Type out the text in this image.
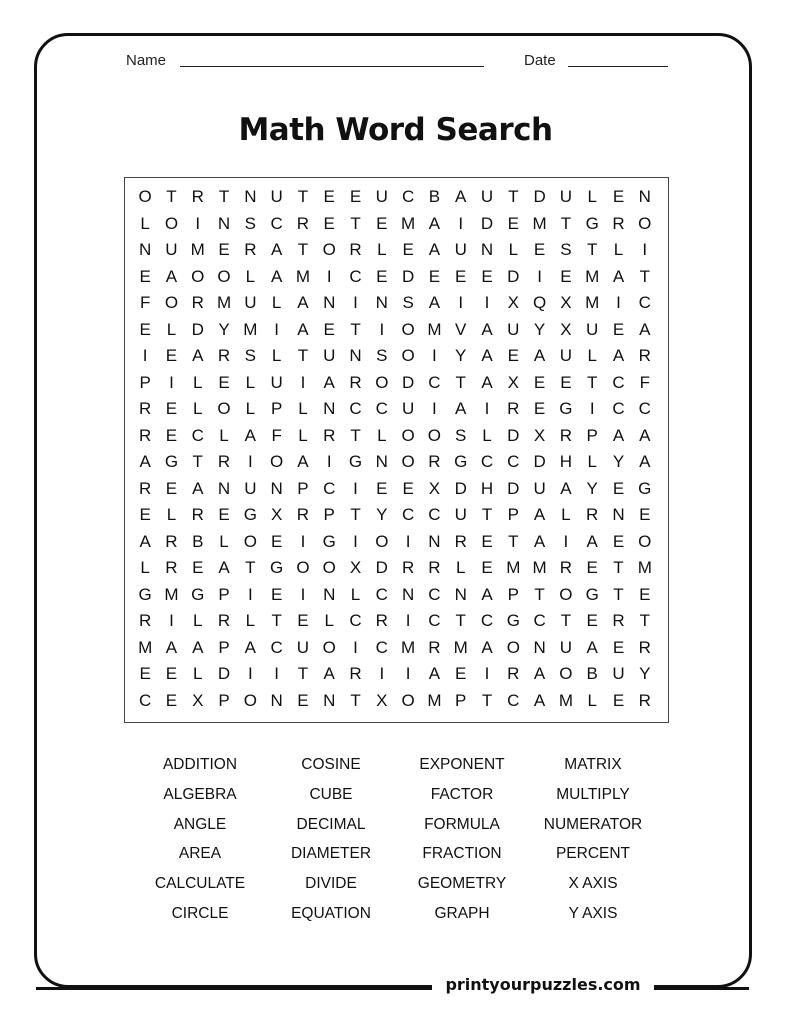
Name	Date
Math Word Search
O T R T N U T E E U C B A U T D U L E N
L O	I	N S C R E T E M A	I	D E M T G R O
N U M E R A T O R L E A U N L E S T L	I
E A O O L A M I	C E D E E E D	I	E M A T
F O R M U L A N	I	N S A	I	I	X Q X M I	C
E L D Y M I	A E T	I	O M V A U Y X U E A
I	E A R S L T U N S O	I	Y A E A U L A R
P	I	L E L U	I	A R O D C T A X E E T C F
R E L O L P L N C C U	I	A	I	R E G	I	C C
R E C L A F L R T L O O S L D X R P A A
A G T R	I	O A	I	G N O R G C C D H L Y A
R E A N U N P C	I	E E X D H D U A Y E G
E L R E G X R P T Y C C U T P A L R N E
A R B L O E	I	G	I	O	I	N R E T A	I	A E O
L R E A T G O O X D R R L E M M R E T M
G M G P	I	E	I	N L C N C N A P T O G T E
R	I	L R L T E L C R	I	C T C G C T E R T
M A A P A C U O	I	C M R M A O N U A E R
E E L D	I	I	T A R	I	I	A E	I	R A O B U Y
C E X P O N E N T X O M P T C A M L E R
ADDITION	COSINE	EXPONENT	MATRIX
ALGEBRA	CUBE	FACTOR	MULTIPLY
ANGLE	DECIMAL	FORMULA	NUMERATOR
AREA	DIAMETER	FRACTION	PERCENT
CALCULATE	DIVIDE	GEOMETRY	X AXIS
CIRCLE	EQUATION	GRAPH	Y AXIS
printyourpuzzles.com
